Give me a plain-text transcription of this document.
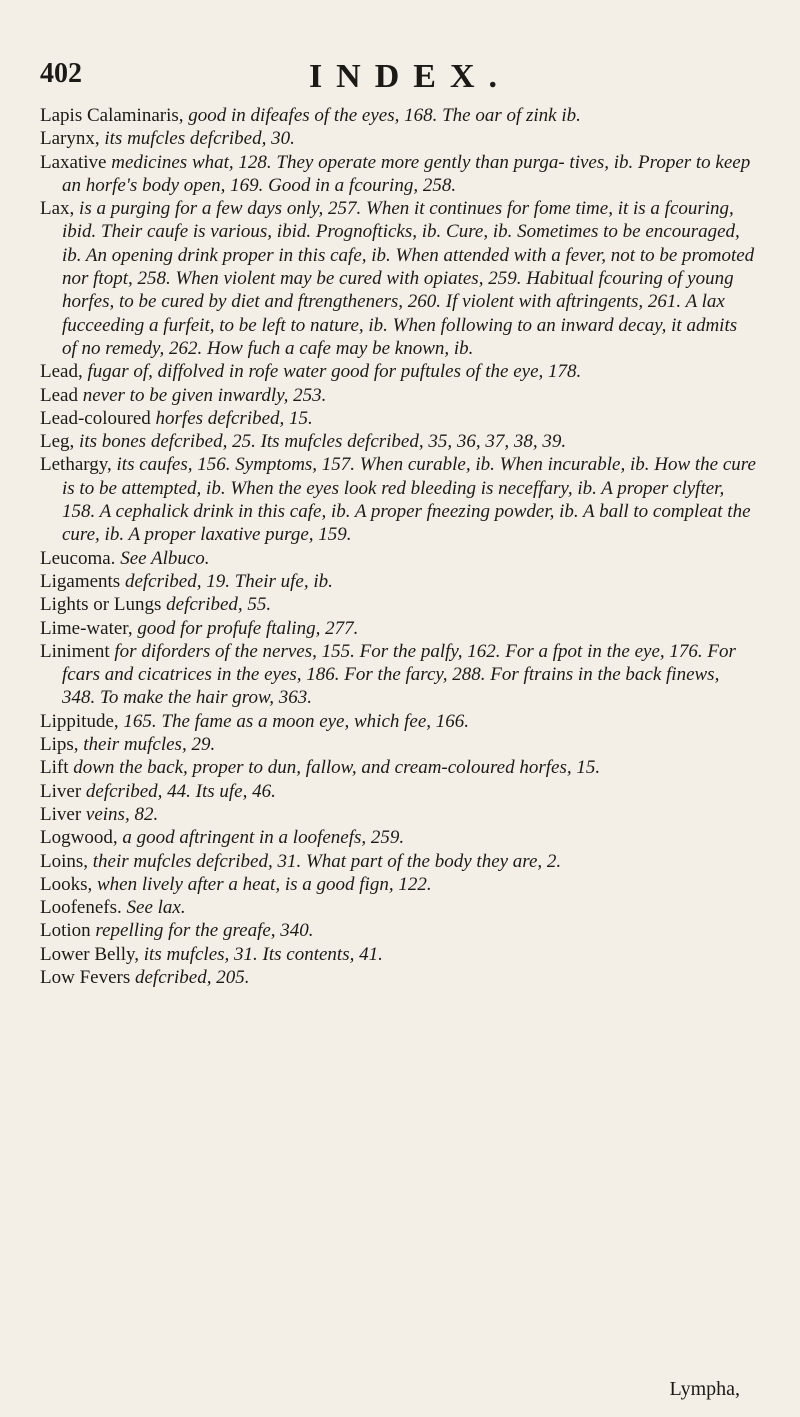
402	INDEX.

Lapis Calaminaris, good in difeafes of the eyes, 168. The oar of zink ib.

Larynx, its mufcles defcribed, 30.

Laxative medicines what, 128. They operate more gently than purga- tives, ib. Proper to keep an horfe's body open, 169. Good in a fcouring, 258.

Lax, is a purging for a few days only, 257. When it continues for fome time, it is a fcouring, ibid. Their caufe is various, ibid. Prognofticks, ib. Cure, ib. Sometimes to be encouraged, ib. An opening drink proper in this cafe, ib. When attended with a fever, not to be promoted nor ftopt, 258. When violent may be cured with opiates, 259. Habitual fcouring of young horfes, to be cured by diet and ftrengtheners, 260. If violent with aftringents, 261. A lax fucceeding a furfeit, to be left to nature, ib. When following to an inward decay, it admits of no remedy, 262. How fuch a cafe may be known, ib.

Lead, fugar of, diffolved in rofe water good for puftules of the eye, 178.

Lead never to be given inwardly, 253.

Lead-coloured horfes defcribed, 15.

Leg, its bones defcribed, 25. Its mufcles defcribed, 35, 36, 37, 38, 39.

Lethargy, its caufes, 156. Symptoms, 157. When curable, ib. When incurable, ib. How the cure is to be attempted, ib. When the eyes look red bleeding is neceffary, ib. A proper clyfter, 158. A cephalick drink in this cafe, ib. A proper fneezing powder, ib. A ball to compleat the cure, ib. A proper laxative purge, 159.

Leucoma. See Albuco.

Ligaments defcribed, 19. Their ufe, ib.

Lights or Lungs defcribed, 55.

Lime-water, good for profufe ftaling, 277.

Liniment for diforders of the nerves, 155. For the palfy, 162. For a fpot in the eye, 176. For fcars and cicatrices in the eyes, 186. For the farcy, 288. For ftrains in the back finews, 348. To make the hair grow, 363.

Lippitude, 165. The fame as a moon eye, which fee, 166.

Lips, their mufcles, 29.

Lift down the back, proper to dun, fallow, and cream-coloured horfes, 15.

Liver defcribed, 44. Its ufe, 46.

Liver veins, 82.

Logwood, a good aftringent in a loofenefs, 259.

Loins, their mufcles defcribed, 31. What part of the body they are, 2.

Looks, when lively after a heat, is a good fign, 122.

Loofenefs. See lax.

Lotion repelling for the greafe, 340.

Lower Belly, its mufcles, 31. Its contents, 41.

Low Fevers defcribed, 205.

Lympha,
